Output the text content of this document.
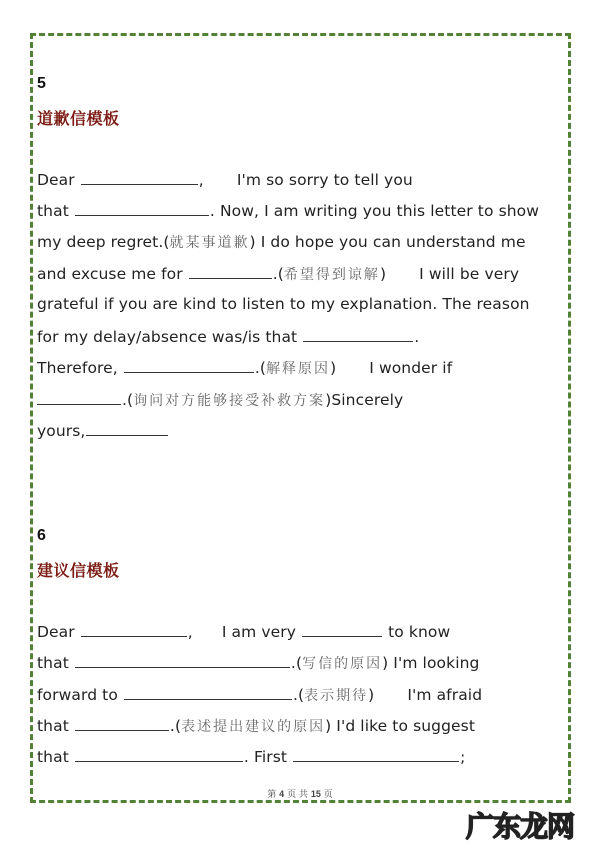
5
道歉信模板
Dear	, I'm so sorry to tell you
that	. Now, I am writing you this letter to show
my deep regret.(就某事道歉) I do hope you can understand me
and excuse me for	.(希望得到谅解) I will be very
grateful if you are kind to listen to my explanation. The reason
for my delay/absence was/is that	.
Therefore,	.(解释原因) I wonder if
.(询问对方能够接受补救方案)Sincerely
yours,
6
建议信模板
Dear	, I am very	to know
that	.(写信的原因) I'm looking
forward to	.(表示期待) I'm afraid
that	.(表述提出建议的原因) I'd like to suggest
that	. First	;
第 4 页 共 15 页
广东龙网
